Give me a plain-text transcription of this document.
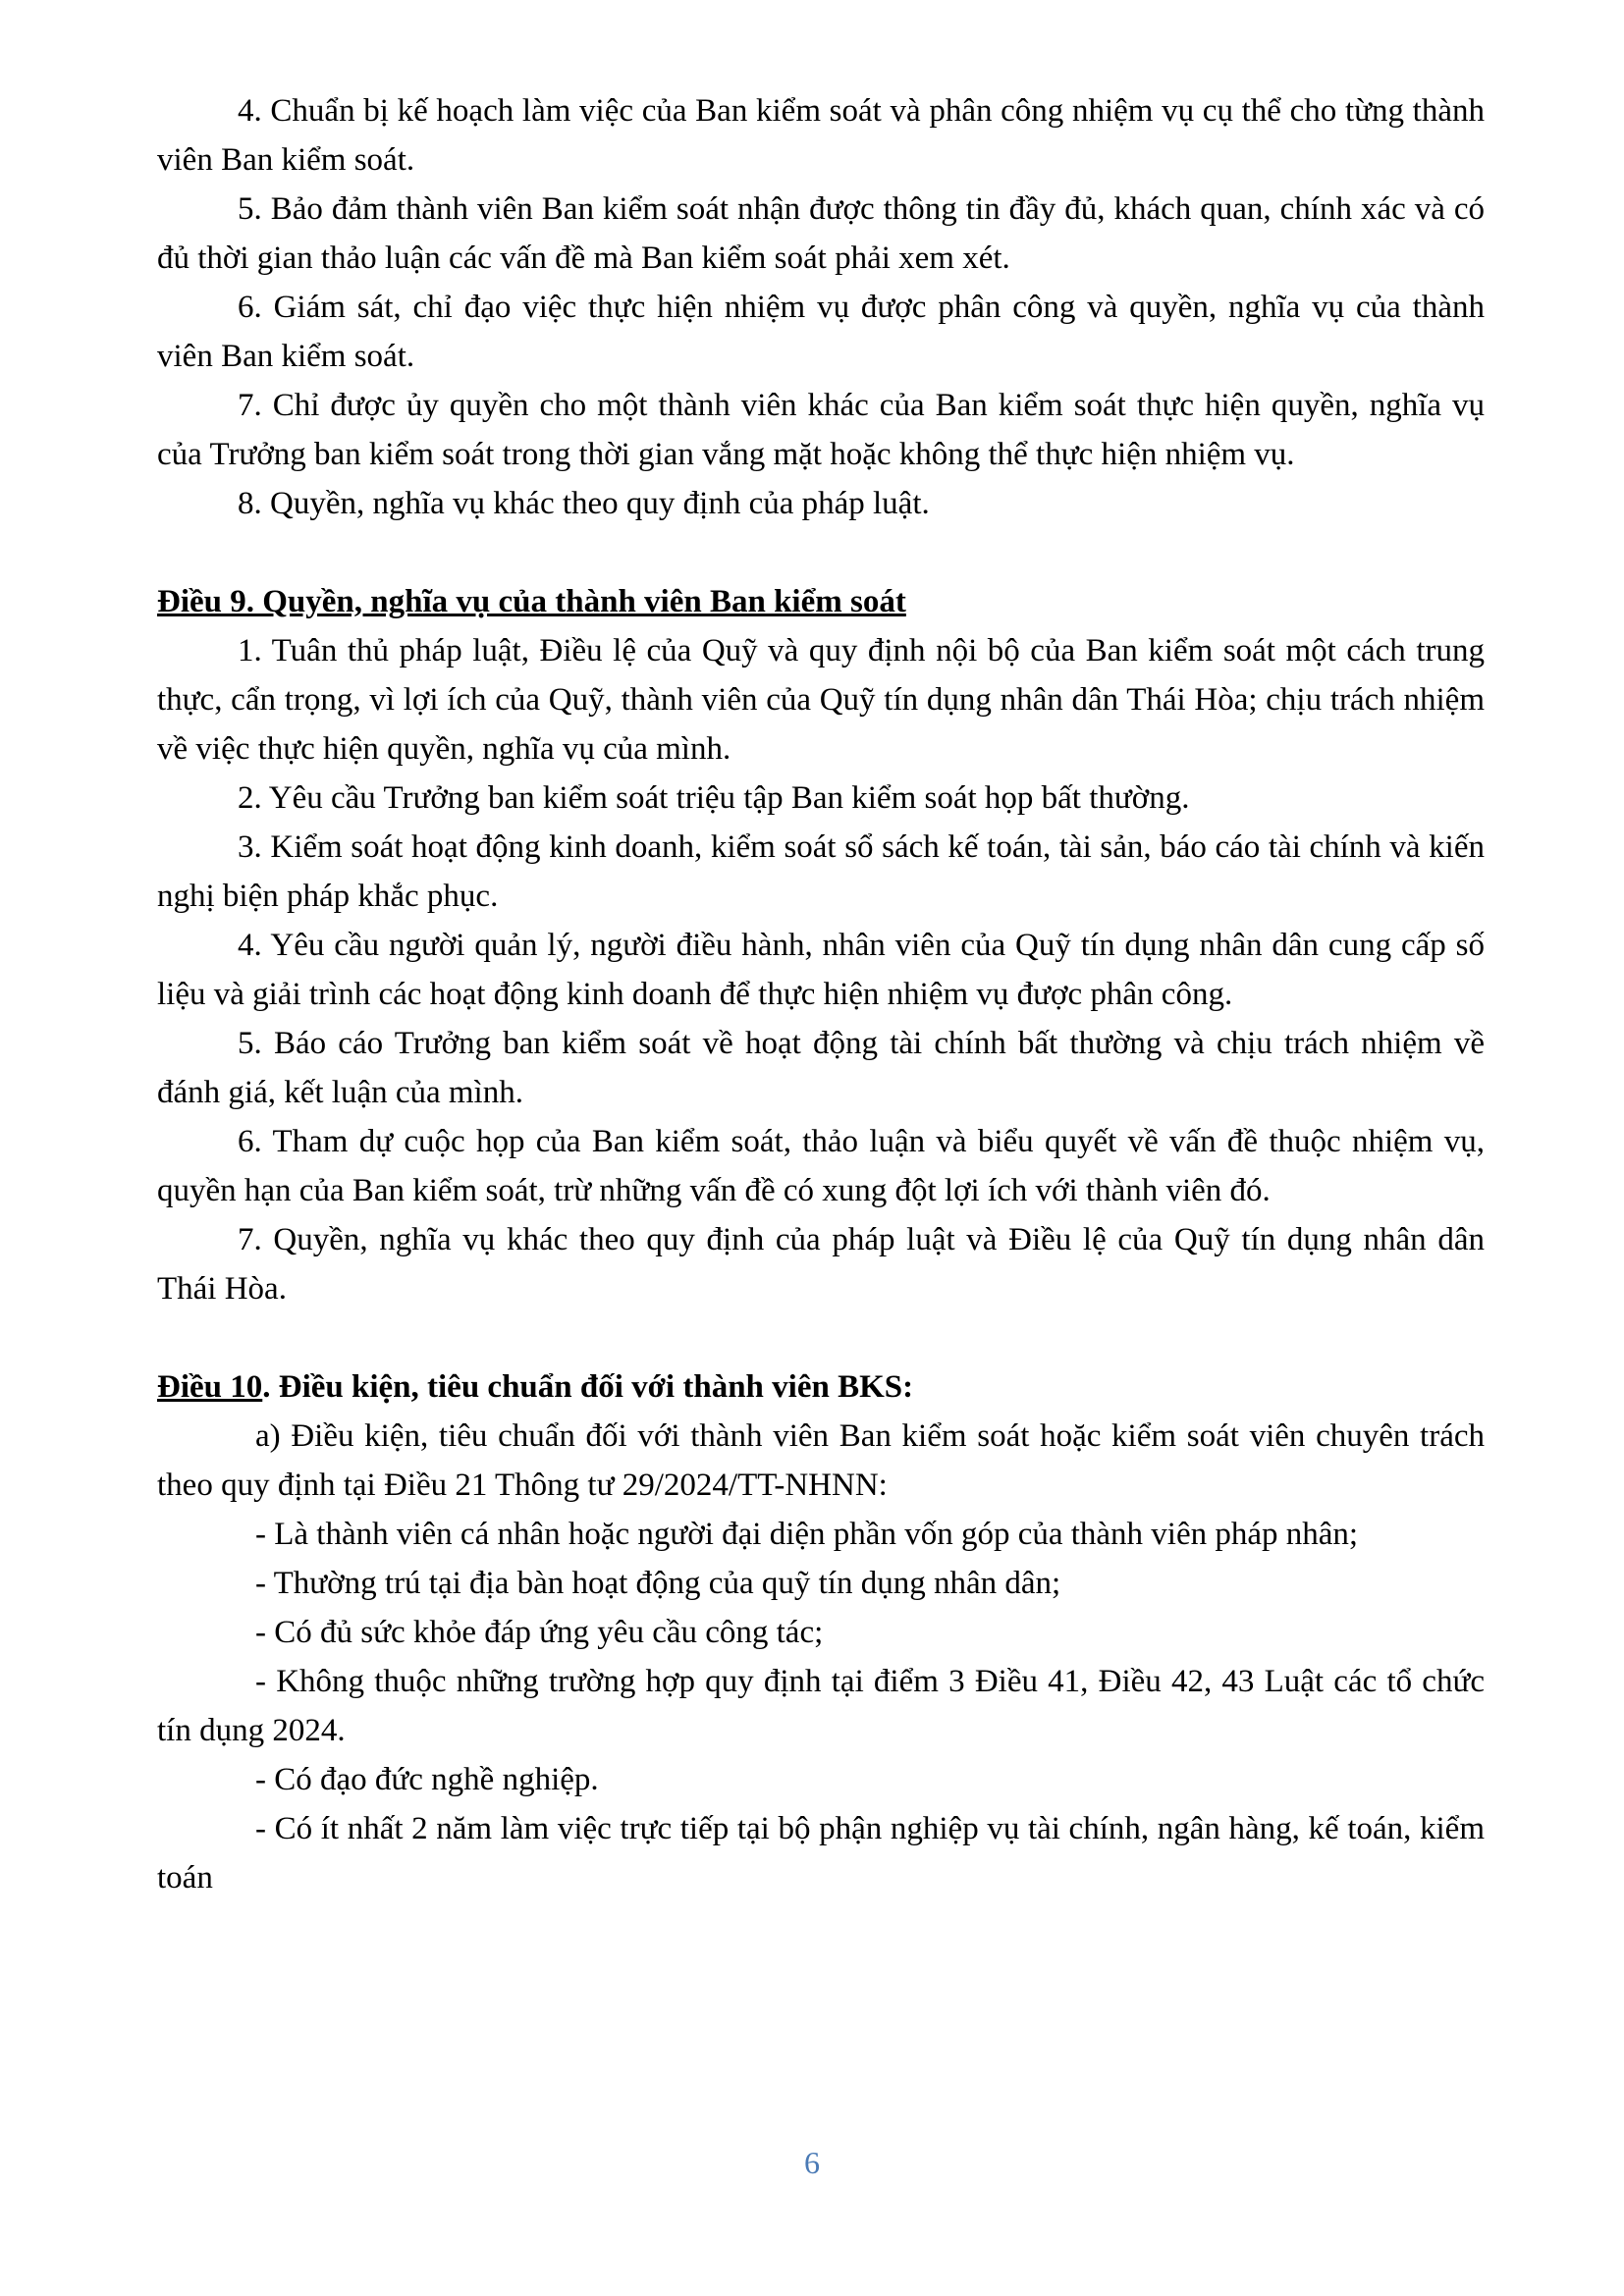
4. Chuẩn bị kế hoạch làm việc của Ban kiểm soát và phân công nhiệm vụ cụ thể cho từng thành viên Ban kiểm soát.

5. Bảo đảm thành viên Ban kiểm soát nhận được thông tin đầy đủ, khách quan, chính xác và có đủ thời gian thảo luận các vấn đề mà Ban kiểm soát phải xem xét.

6. Giám sát, chỉ đạo việc thực hiện nhiệm vụ được phân công và quyền, nghĩa vụ của thành viên Ban kiểm soát.

7. Chỉ được ủy quyền cho một thành viên khác của Ban kiểm soát thực hiện quyền, nghĩa vụ của Trưởng ban kiểm soát trong thời gian vắng mặt hoặc không thể thực hiện nhiệm vụ.

8. Quyền, nghĩa vụ khác theo quy định của pháp luật.

Điều 9. Quyền, nghĩa vụ của thành viên Ban kiểm soát

1. Tuân thủ pháp luật, Điều lệ của Quỹ và quy định nội bộ của Ban kiểm soát một cách trung thực, cẩn trọng, vì lợi ích của Quỹ, thành viên của Quỹ tín dụng nhân dân Thái Hòa; chịu trách nhiệm về việc thực hiện quyền, nghĩa vụ của mình.

2. Yêu cầu Trưởng ban kiểm soát triệu tập Ban kiểm soát họp bất thường.

3. Kiểm soát hoạt động kinh doanh, kiểm soát sổ sách kế toán, tài sản, báo cáo tài chính và kiến nghị biện pháp khắc phục.

4. Yêu cầu người quản lý, người điều hành, nhân viên của Quỹ tín dụng nhân dân cung cấp số liệu và giải trình các hoạt động kinh doanh để thực hiện nhiệm vụ được phân công.

5. Báo cáo Trưởng ban kiểm soát về hoạt động tài chính bất thường và chịu trách nhiệm về đánh giá, kết luận của mình.

6. Tham dự cuộc họp của Ban kiểm soát, thảo luận và biểu quyết về vấn đề thuộc nhiệm vụ, quyền hạn của Ban kiểm soát, trừ những vấn đề có xung đột lợi ích với thành viên đó.

7. Quyền, nghĩa vụ khác theo quy định của pháp luật và Điều lệ của Quỹ tín dụng nhân dân Thái Hòa.

Điều 10. Điều kiện, tiêu chuẩn đối với thành viên BKS:

a) Điều kiện, tiêu chuẩn đối với thành viên Ban kiểm soát hoặc kiểm soát viên chuyên trách theo quy định tại Điều 21 Thông tư 29/2024/TT-NHNN:

- Là thành viên cá nhân hoặc người đại diện phần vốn góp của thành viên pháp nhân;

- Thường trú tại địa bàn hoạt động của quỹ tín dụng nhân dân;

- Có đủ sức khỏe đáp ứng yêu cầu công tác;

- Không thuộc những trường hợp quy định tại điểm 3 Điều 41, Điều 42, 43 Luật các tổ chức tín dụng 2024.

- Có đạo đức nghề nghiệp.

- Có ít nhất 2 năm làm việc trực tiếp tại bộ phận nghiệp vụ tài chính, ngân hàng, kế toán, kiểm toán

6
